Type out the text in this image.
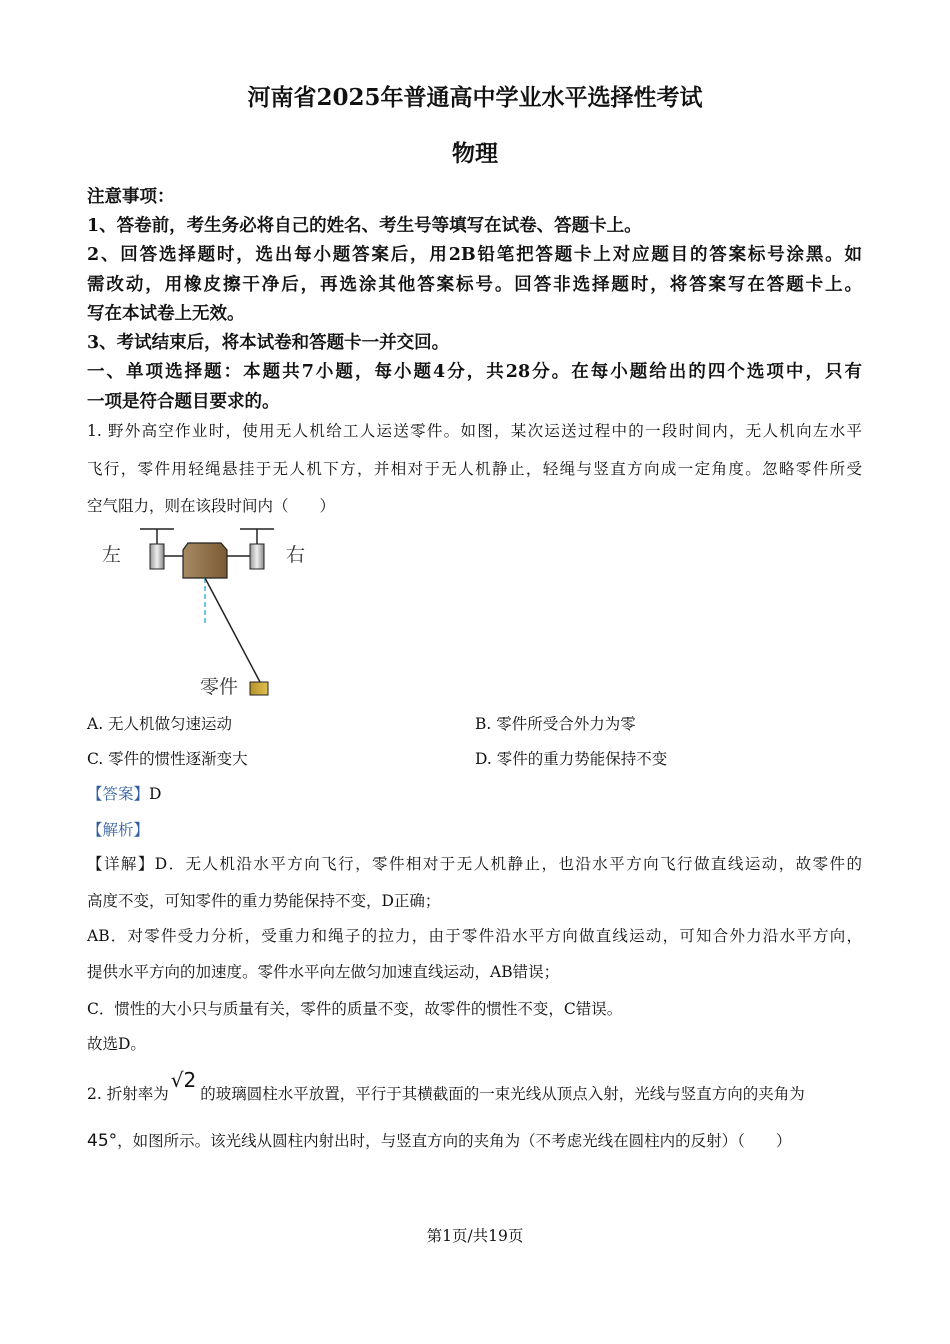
河南省2025年普通高中学业水平选择性考试
物理
注意事项：
1、答卷前，考生务必将自己的姓名、考生号等填写在试卷、答题卡上。
2、回答选择题时，选出每小题答案后，用2B铅笔把答题卡上对应题目的答案标号涂黑。如
需改动，用橡皮擦干净后，再选涂其他答案标号。回答非选择题时，将答案写在答题卡上。
写在本试卷上无效。
3、考试结束后，将本试卷和答题卡一并交回。
一、单项选择题：本题共7小题，每小题4分，共28分。在每小题给出的四个选项中，只有
一项是符合题目要求的。
1. 野外高空作业时，使用无人机给工人运送零件。如图，某次运送过程中的一段时间内，无人机向左水平
飞行，零件用轻绳悬挂于无人机下方，并相对于无人机静止，轻绳与竖直方向成一定角度。忽略零件所受
空气阻力，则在该段时间内（　　）
左	右
零件
A. 无人机做匀速运动	B. 零件所受合外力为零
C. 零件的惯性逐渐变大	D. 零件的重力势能保持不变
【答案】D
【解析】
【详解】D．无人机沿水平方向飞行，零件相对于无人机静止，也沿水平方向飞行做直线运动，故零件的
高度不变，可知零件的重力势能保持不变，D正确；
AB．对零件受力分析，受重力和绳子的拉力，由于零件沿水平方向做直线运动，可知合外力沿水平方向，
提供水平方向的加速度。零件水平向左做匀加速直线运动，AB错误；
C．惯性的大小只与质量有关，零件的质量不变，故零件的惯性不变，C错误。
故选D。
2. 折射率为√2的玻璃圆柱水平放置，平行于其横截面的一束光线从顶点入射，光线与竖直方向的夹角为
45°，如图所示。该光线从圆柱内射出时，与竖直方向的夹角为（不考虑光线在圆柱内的反射）（　　）
第1页/共19页
